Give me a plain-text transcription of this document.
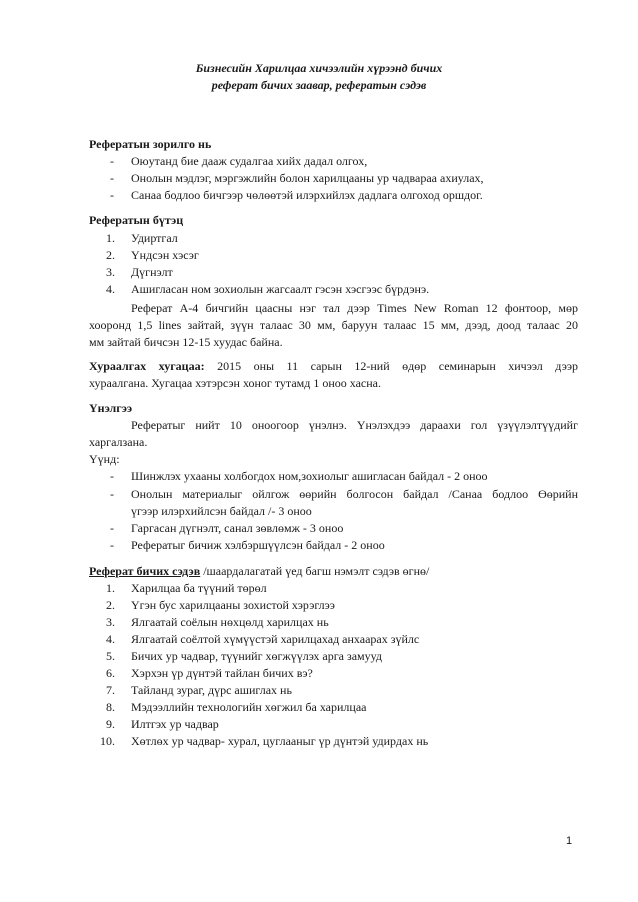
Бизнесийн Харилцаа хичээлийн хүрээнд бичих
реферат бичих заавар, рефератын сэдэв
Рефератын зорилго нь
- Оюутанд бие дааж судалгаа хийх дадал олгох,
- Онолын мэдлэг, мэргэжлийн болон харилцааны ур чадвараа ахиулах,
- Санаа бодлоо бичгээр чөлөөтэй илэрхийлэх дадлага олгоход оршдог.
Рефератын бүтэц
1. Удиртгал
2. Үндсэн хэсэг
3. Дүгнэлт
4. Ашигласан ном зохиолын жагсаалт гэсэн хэсгээс бүрдэнэ.
Реферат А-4 бичгийн цаасны нэг тал дээр Times New Roman 12 фонтоор, мөр
хооронд 1,5 lines зайтай, зүүн талаас 30 мм, баруун талаас 15 мм, дээд, доод талаас 20
мм зайтай бичсэн 12-15 хуудас байна.
Хураалгах хугацаа: 2015 оны 11 сарын 12-ний өдөр семинарын хичээл дээр
хураалгана. Хугацаа хэтэрсэн хоног тутамд 1 оноо хасна.
Үнэлгээ
Рефератыг нийт 10 оноогоор үнэлнэ. Үнэлэхдээ дараахи гол үзүүлэлтүүдийг
харгалзана.
Үүнд:
- Шинжлэх ухааны холбогдох ном,зохиолыг ашигласан байдал - 2 оноо
- Онолын материалыг ойлгож өөрийн болгосон байдал /Санаа бодлоо Өөрийн
үгээр илэрхийлсэн байдал /- 3 оноо
- Гаргасан дүгнэлт, санал зөвлөмж - 3 оноо
- Рефератыг бичиж хэлбэршүүлсэн байдал - 2 оноо
Реферат бичих сэдэв /шаардалагатай үед багш нэмэлт сэдэв өгнө/
1. Харилцаа ба түүний төрөл
2. Үгэн бус харилцааны зохистой хэрэглээ
3. Ялгаатай соёлын нөхцөлд харилцах нь
4. Ялгаатай соёлтой хүмүүстэй харилцахад анхаарах зүйлс
5. Бичих ур чадвар, түүнийг хөгжүүлэх арга замууд
6. Хэрхэн үр дүнтэй тайлан бичих вэ?
7. Тайланд зураг, дүрс ашиглах нь
8. Мэдээллийн технологийн хөгжил ба харилцаа
9. Илтгэх ур чадвар
10. Хөтлөх ур чадвар- хурал, цуглааныг үр дүнтэй удирдах нь
1
